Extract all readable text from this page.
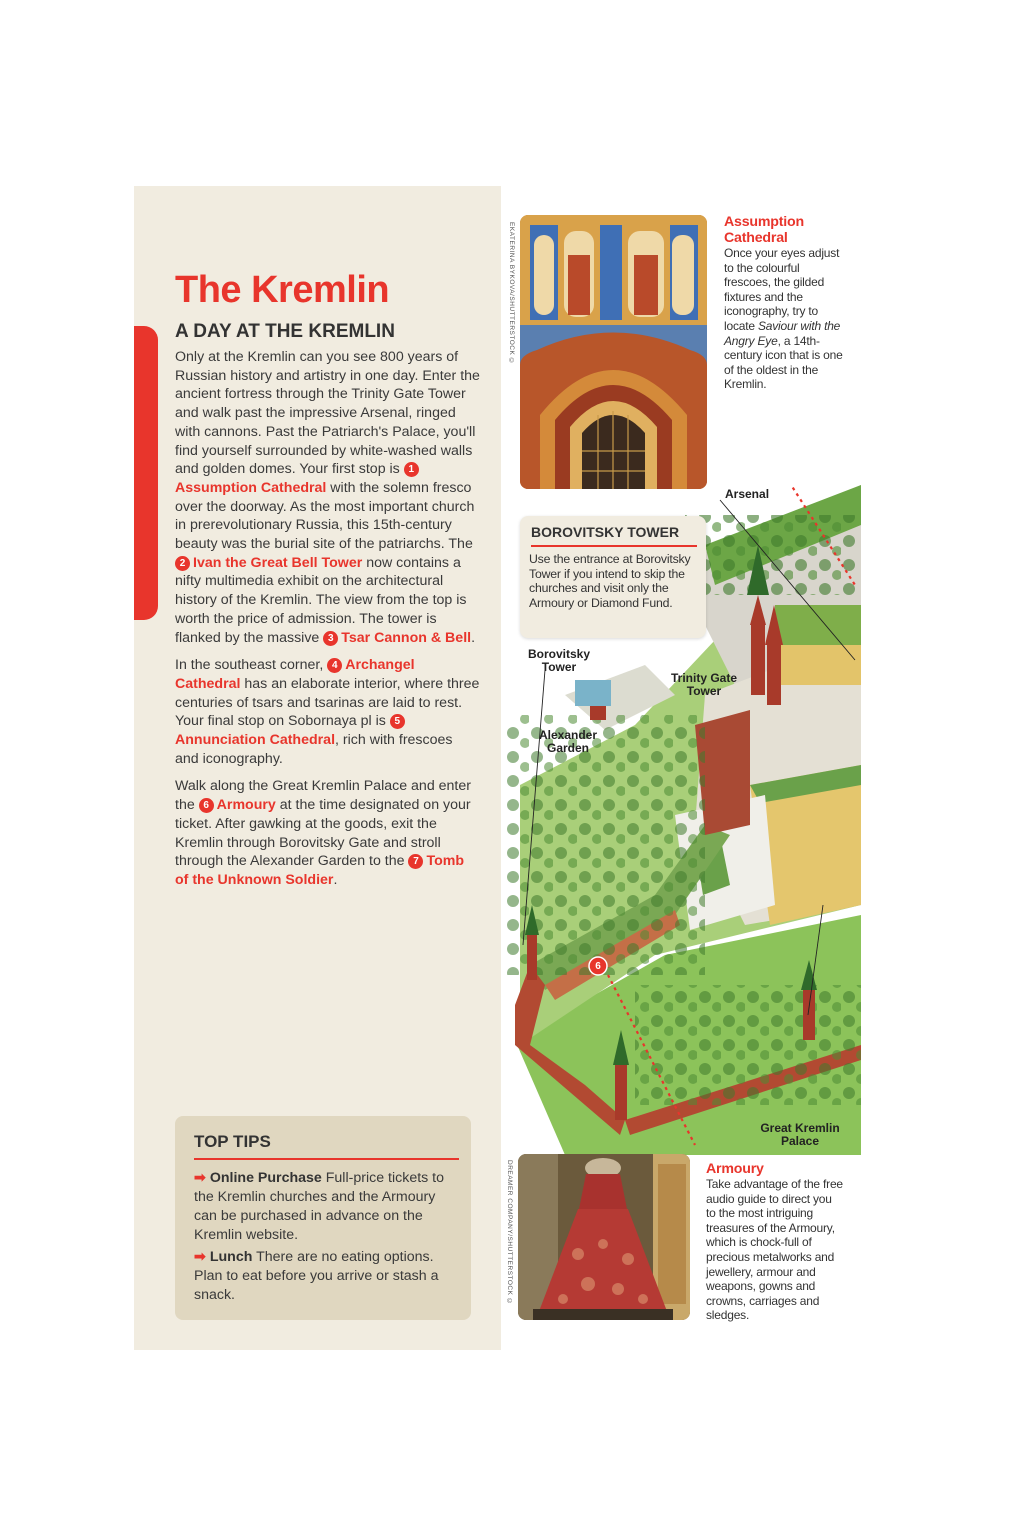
The Kremlin
A DAY AT THE KREMLIN

Only at the Kremlin can you see 800 years of Russian history and artistry in one day. Enter the ancient fortress through the Trinity Gate Tower and walk past the impressive Arsenal, ringed with cannons. Past the Patriarch's Palace, you'll find yourself surrounded by white-washed walls and golden domes. Your first stop is 1Assumption Cathedral with the solemn fresco over the doorway. As the most important church in prerevolutionary Russia, this 15th-century beauty was the burial site of the patriarchs. The 2 Ivan the Great Bell Tower now contains a nifty multimedia exhibit on the architectural history of the Kremlin. The view from the top is worth the price of admission. The tower is flanked by the massive 3 Tsar Cannon & Bell.

In the southeast corner, 4 Archangel Cathedral has an elaborate interior, where three centuries of tsars and tsarinas are laid to rest. Your final stop on Sobornaya pl is 5Annunciation Cathedral, rich with frescoes and iconography.

Walk along the Great Kremlin Palace and enter the 6 Armoury at the time designated on your ticket. After gawking at the goods, exit the Kremlin through Borovitsky Gate and stroll through the Alexander Garden to the 7 Tomb of the Unknown Soldier.

TOP TIPS

➡ Online Purchase Full-price tickets to the Kremlin churches and the Armoury can be purchased in advance on the Kremlin website.

➡ Lunch There are no eating options. Plan to eat before you arrive or stash a snack.

EKATERINA BYKOVA/SHUTTERSTOCK ©	Assumption Cathedral
Once your eyes adjust to the colourful frescoes, the gilded fixtures and the iconography, try to locate Saviour with the Angry Eye, a 14th-century icon that is one of the oldest in the Kremlin.
6
Arsenal
Borovitsky Tower
Trinity Gate Tower
Alexander Garden
Great Kremlin Palace
BOROVITSKY TOWER
Use the entrance at Borovitsky Tower if you intend to skip the churches and visit only the Armoury or Diamond Fund.
DREAMER COMPANY/SHUTTERSTOCK ©	Armoury
Take advantage of the free audio guide to direct you to the most intriguing treasures of the Armoury, which is chock-full of precious metalworks and jewellery, armour and weapons, gowns and crowns, carriages and sledges.
